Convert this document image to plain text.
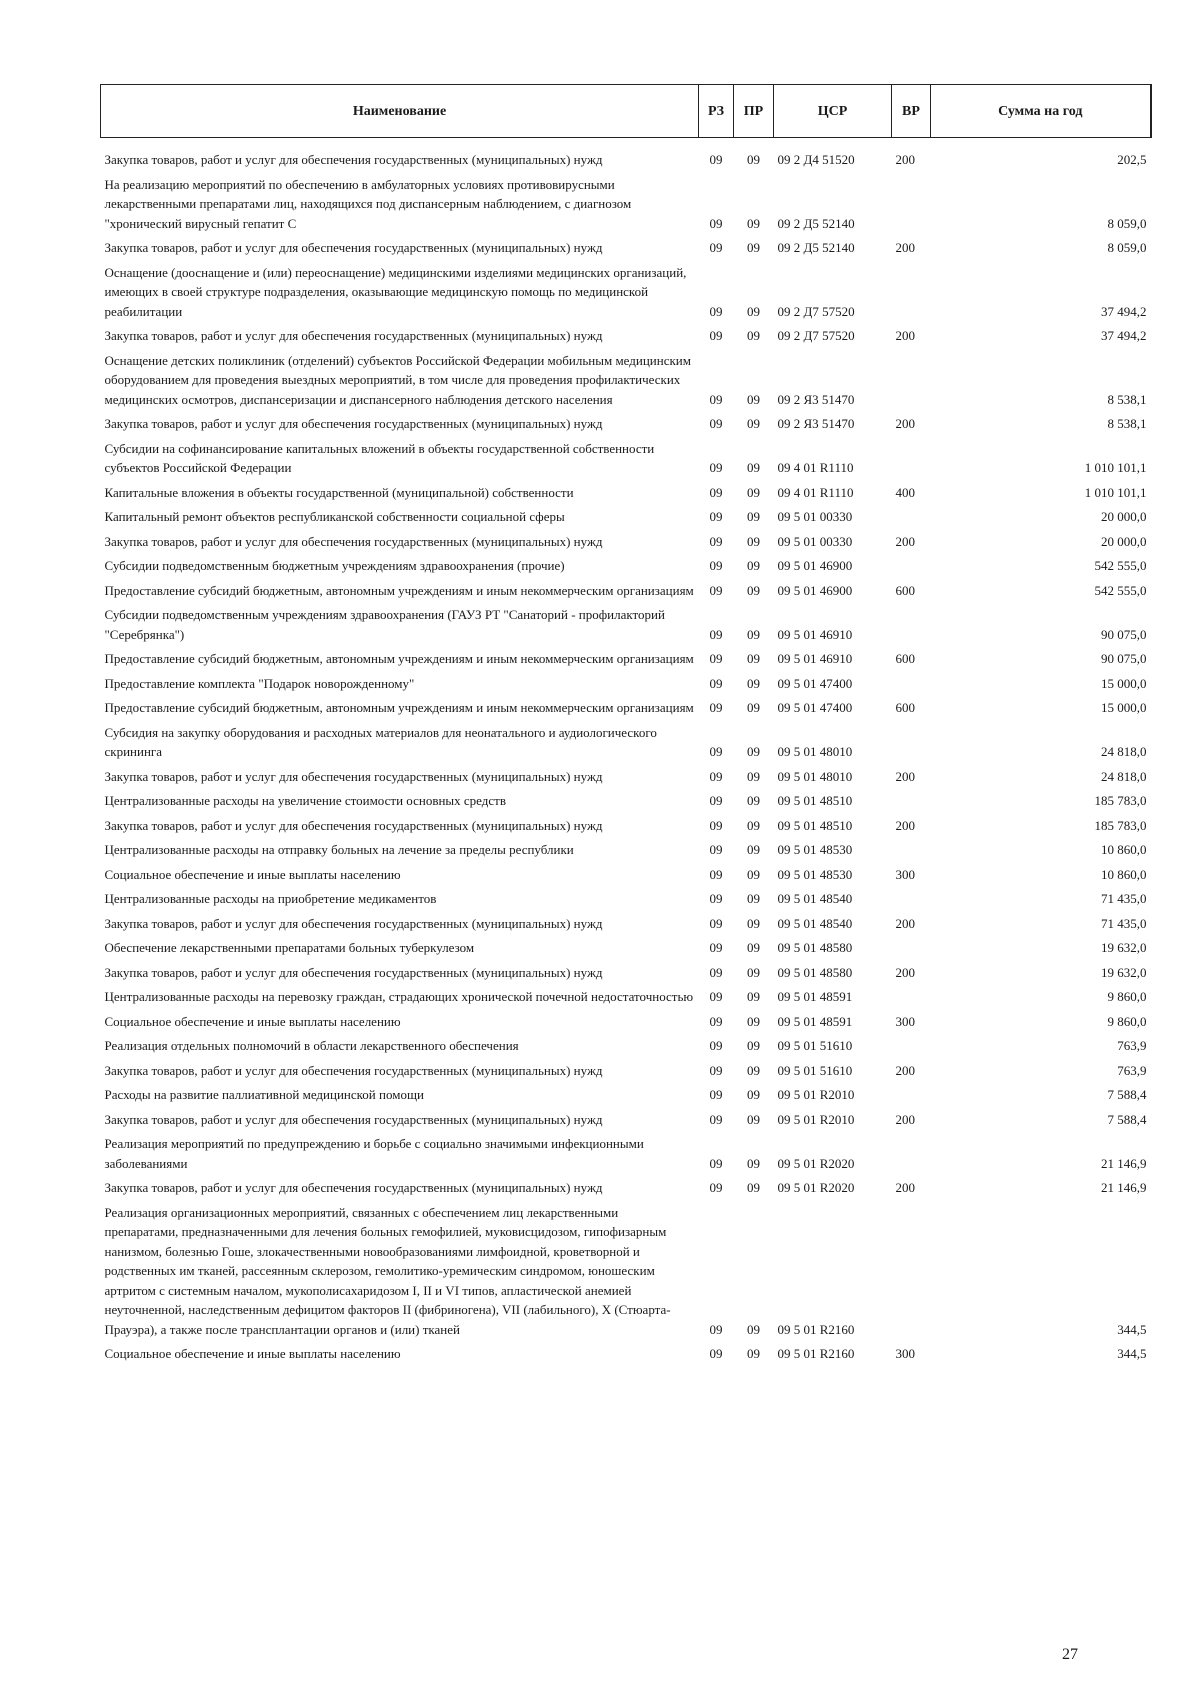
Наименование	РЗ	ПР	ЦСР	ВР	Сумма на год
Закупка товаров, работ и услуг для обеспечения государственных (муниципальных) нужд	09	09	09 2 Д4 51520	200	202,5
На реализацию мероприятий по обеспечению в амбулаторных условиях противовирусными лекарственными препаратами лиц, находящихся под диспансерным наблюдением, с диагнозом "хронический вирусный гепатит С	09	09	09 2 Д5 52140		8 059,0
Закупка товаров, работ и услуг для обеспечения государственных (муниципальных) нужд	09	09	09 2 Д5 52140	200	8 059,0
Оснащение (дооснащение и (или) переоснащение) медицинскими изделиями медицинских организаций, имеющих в своей структуре подразделения, оказывающие медицинскую помощь по медицинской реабилитации	09	09	09 2 Д7 57520		37 494,2
Закупка товаров, работ и услуг для обеспечения государственных (муниципальных) нужд	09	09	09 2 Д7 57520	200	37 494,2
Оснащение детских поликлиник (отделений) субъектов Российской Федерации мобильным медицинским оборудованием для проведения выездных мероприятий, в том числе для проведения профилактических медицинских осмотров, диспансеризации и диспансерного наблюдения детского населения	09	09	09 2 Я3 51470		8 538,1
Закупка товаров, работ и услуг для обеспечения государственных (муниципальных) нужд	09	09	09 2 Я3 51470	200	8 538,1
Субсидии на софинансирование капитальных вложений в объекты государственной собственности субъектов Российской Федерации	09	09	09 4 01 R1110		1 010 101,1
Капитальные вложения в объекты государственной (муниципальной) собственности	09	09	09 4 01 R1110	400	1 010 101,1
Капитальный ремонт объектов республиканской собственности социальной сферы	09	09	09 5 01 00330		20 000,0
Закупка товаров, работ и услуг для обеспечения государственных (муниципальных) нужд	09	09	09 5 01 00330	200	20 000,0
Субсидии подведомственным бюджетным учреждениям здравоохранения (прочие)	09	09	09 5 01 46900		542 555,0
Предоставление субсидий бюджетным, автономным учреждениям и иным некоммерческим организациям	09	09	09 5 01 46900	600	542 555,0
Субсидии подведомственным учреждениям здравоохранения (ГАУЗ РТ "Санаторий - профилакторий "Серебрянка")	09	09	09 5 01 46910		90 075,0
Предоставление субсидий бюджетным, автономным учреждениям и иным некоммерческим организациям	09	09	09 5 01 46910	600	90 075,0
Предоставление комплекта "Подарок новорожденному"	09	09	09 5 01 47400		15 000,0
Предоставление субсидий бюджетным, автономным учреждениям и иным некоммерческим организациям	09	09	09 5 01 47400	600	15 000,0
Субсидия на закупку оборудования и расходных материалов для неонатального и аудиологического скрининга	09	09	09 5 01 48010		24 818,0
Закупка товаров, работ и услуг для обеспечения государственных (муниципальных) нужд	09	09	09 5 01 48010	200	24 818,0
Централизованные расходы на увеличение стоимости основных средств	09	09	09 5 01 48510		185 783,0
Закупка товаров, работ и услуг для обеспечения государственных (муниципальных) нужд	09	09	09 5 01 48510	200	185 783,0
Централизованные расходы на отправку больных на лечение за пределы республики	09	09	09 5 01 48530		10 860,0
Социальное обеспечение и иные выплаты населению	09	09	09 5 01 48530	300	10 860,0
Централизованные расходы на приобретение медикаментов	09	09	09 5 01 48540		71 435,0
Закупка товаров, работ и услуг для обеспечения государственных (муниципальных) нужд	09	09	09 5 01 48540	200	71 435,0
Обеспечение лекарственными препаратами больных туберкулезом	09	09	09 5 01 48580		19 632,0
Закупка товаров, работ и услуг для обеспечения государственных (муниципальных) нужд	09	09	09 5 01 48580	200	19 632,0
Централизованные расходы на перевозку граждан, страдающих хронической почечной недостаточностью	09	09	09 5 01 48591		9 860,0
Социальное обеспечение и иные выплаты населению	09	09	09 5 01 48591	300	9 860,0
Реализация отдельных полномочий в области лекарственного обеспечения	09	09	09 5 01 51610		763,9
Закупка товаров, работ и услуг для обеспечения государственных (муниципальных) нужд	09	09	09 5 01 51610	200	763,9
Расходы на развитие паллиативной медицинской помощи	09	09	09 5 01 R2010		7 588,4
Закупка товаров, работ и услуг для обеспечения государственных (муниципальных) нужд	09	09	09 5 01 R2010	200	7 588,4
Реализация мероприятий по предупреждению и борьбе с социально значимыми инфекционными заболеваниями	09	09	09 5 01 R2020		21 146,9
Закупка товаров, работ и услуг для обеспечения государственных (муниципальных) нужд	09	09	09 5 01 R2020	200	21 146,9
Реализация организационных мероприятий, связанных с обеспечением лиц лекарственными препаратами, предназначенными для лечения больных гемофилией, муковисцидозом, гипофизарным нанизмом, болезнью Гоше, злокачественными новообразованиями лимфоидной, кроветворной и родственных им тканей, рассеянным склерозом, гемолитико-уремическим синдромом, юношеским артритом с системным началом, мукополисахаридозом I, II и VI типов, апластической анемией неуточненной, наследственным дефицитом факторов II (фибриногена), VII (лабильного), X (Стюарта-Прауэра), а также после трансплантации органов и (или) тканей	09	09	09 5 01 R2160		344,5
Социальное обеспечение и иные выплаты населению	09	09	09 5 01 R2160	300	344,5
27
